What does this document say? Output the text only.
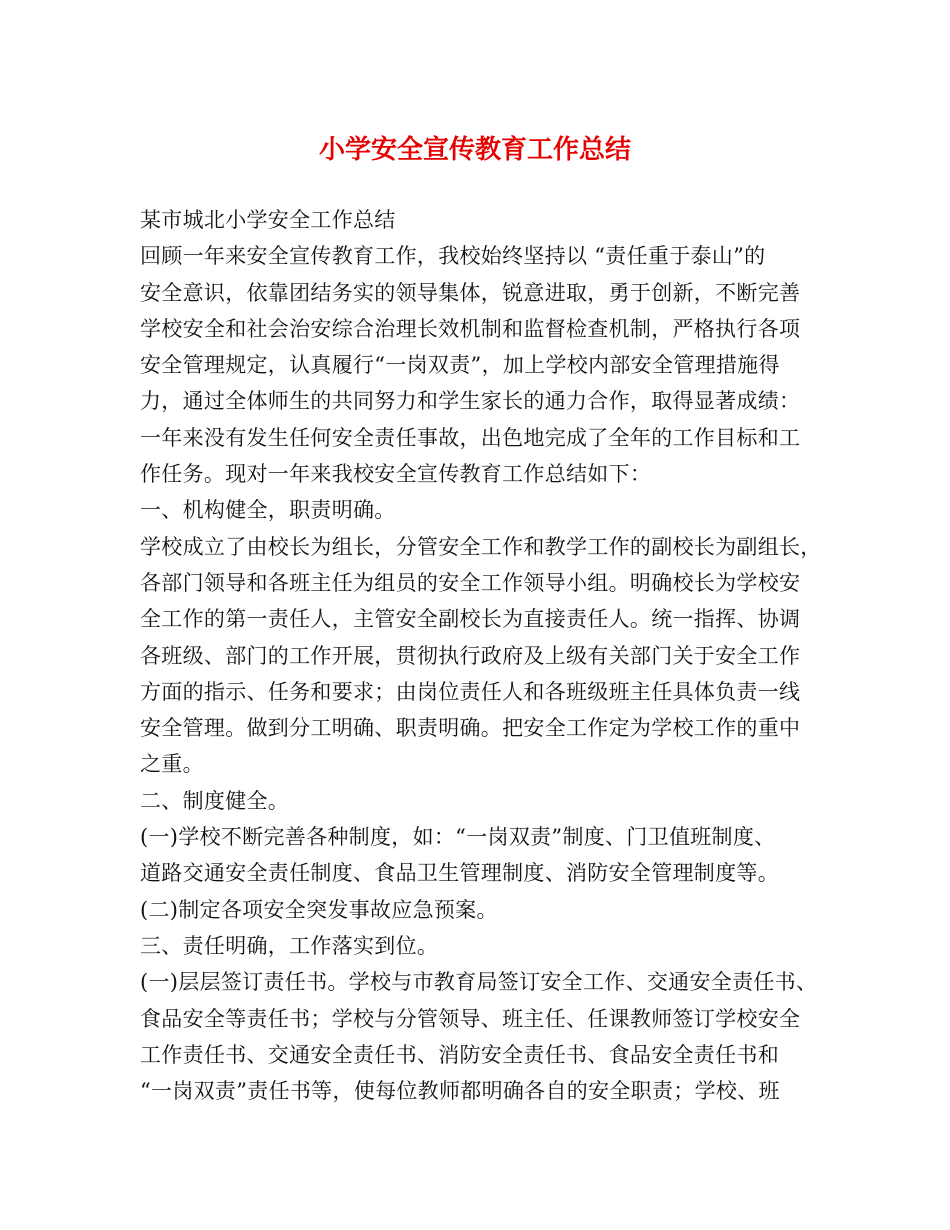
小学安全宣传教育工作总结
某市城北小学安全工作总结
回顾一年来安全宣传教育工作，我校始终坚持以 “责任重于泰山”的
安全意识，依靠团结务实的领导集体，锐意进取，勇于创新，不断完善
学校安全和社会治安综合治理长效机制和监督检查机制，严格执行各项
安全管理规定，认真履行“一岗双责”，加上学校内部安全管理措施得
力，通过全体师生的共同努力和学生家长的通力合作，取得显著成绩：
一年来没有发生任何安全责任事故，出色地完成了全年的工作目标和工
作任务。现对一年来我校安全宣传教育工作总结如下：
一、机构健全，职责明确。
学校成立了由校长为组长，分管安全工作和教学工作的副校长为副组长，
各部门领导和各班主任为组员的安全工作领导小组。明确校长为学校安
全工作的第一责任人，主管安全副校长为直接责任人。统一指挥、协调
各班级、部门的工作开展，贯彻执行政府及上级有关部门关于安全工作
方面的指示、任务和要求；由岗位责任人和各班级班主任具体负责一线
安全管理。做到分工明确、职责明确。把安全工作定为学校工作的重中
之重。
二、制度健全。
(一)学校不断完善各种制度，如：“一岗双责”制度、门卫值班制度、
道路交通安全责任制度、食品卫生管理制度、消防安全管理制度等。
(二)制定各项安全突发事故应急预案。
三、责任明确，工作落实到位。
(一)层层签订责任书。学校与市教育局签订安全工作、交通安全责任书、
食品安全等责任书；学校与分管领导、班主任、任课教师签订学校安全
工作责任书、交通安全责任书、消防安全责任书、食品安全责任书和
“一岗双责”责任书等，使每位教师都明确各自的安全职责；学校、班
